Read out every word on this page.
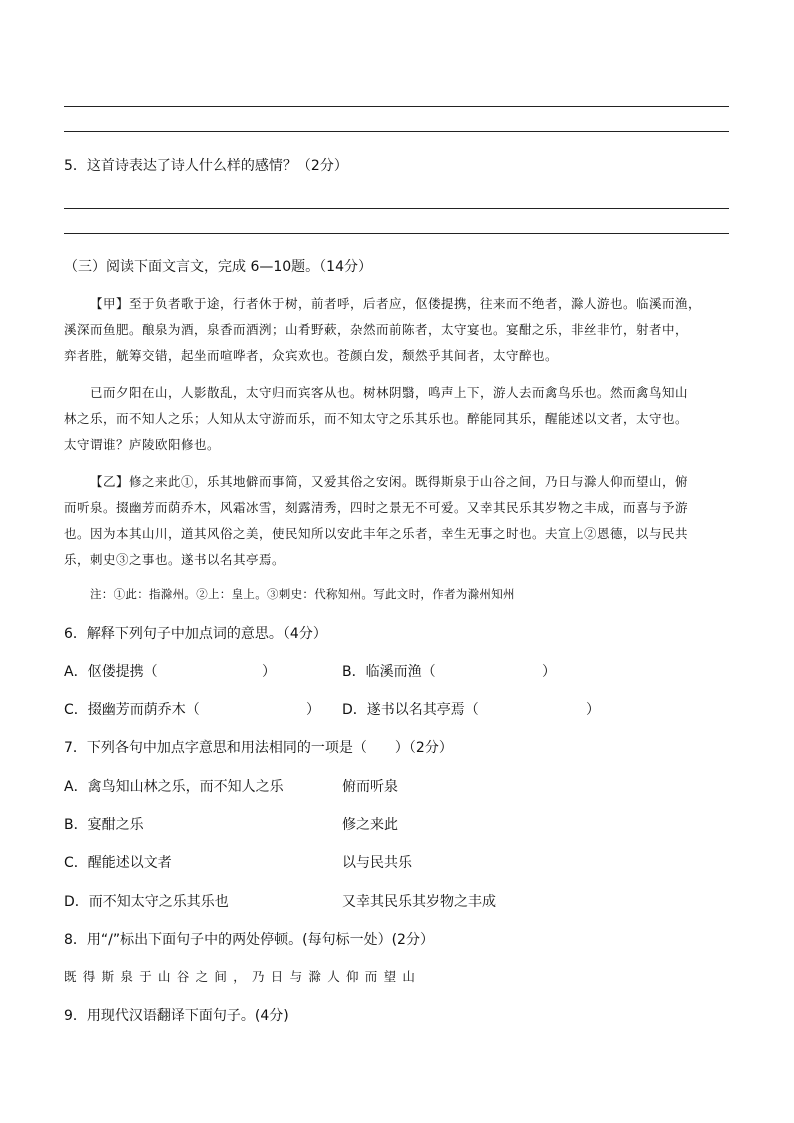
5．这首诗表达了诗人什么样的感情？（2分）
（三）阅读下面文言文，完成 6—10题。（14分）
【甲】至于负者歌于途，行者休于树，前者呼，后者应，伛偻提携，往来而不绝者，滁人游也。临溪而渔，
溪深而鱼肥。酿泉为酒，泉香而酒洌；山肴野蔌，杂然而前陈者，太守宴也。宴酣之乐，非丝非竹，射者中，
弈者胜，觥筹交错，起坐而喧哗者，众宾欢也。苍颜白发，颓然乎其间者，太守醉也。
已而夕阳在山，人影散乱，太守归而宾客从也。树林阴翳，鸣声上下，游人去而禽鸟乐也。然而禽鸟知山
林之乐，而不知人之乐；人知从太守游而乐，而不知太守之乐其乐也。醉能同其乐，醒能述以文者，太守也。
太守谓谁？庐陵欧阳修也。
【乙】修之来此①，乐其地僻而事简，又爱其俗之安闲。既得斯泉于山谷之间，乃日与滁人仰而望山，俯
而听泉。掇幽芳而荫乔木，风霜冰雪，刻露清秀，四时之景无不可爱。又幸其民乐其岁物之丰成，而喜与予游
也。因为本其山川，道其风俗之美，使民知所以安此丰年之乐者，幸生无事之时也。夫宣上②恩德，以与民共
乐，刺史③之事也。遂书以名其亭焉。
注：①此：指滁州。②上：皇上。③刺史：代称知州。写此文时，作者为滁州知州
6．解释下列句子中加点词的意思。（4分）
A．伛偻提携（	）	B．临溪而渔（	）
C．掇幽芳而荫乔木（	） D．遂书以名其亭焉（	）
7．下列各句中加点字意思和用法相同的一项是（　　）（2分）
A．禽鸟知山林之乐，而不知人之乐	俯而听泉
B．宴酣之乐	修之来此
C．醒能述以文者	以与民共乐
D．而不知太守之乐其乐也	又幸其民乐其岁物之丰成
8．用“/”标出下面句子中的两处停顿。(每句标一处）(2分）
既得斯泉于山谷之间，乃日与滁人仰而望山
9．用现代汉语翻译下面句子。(4分)
